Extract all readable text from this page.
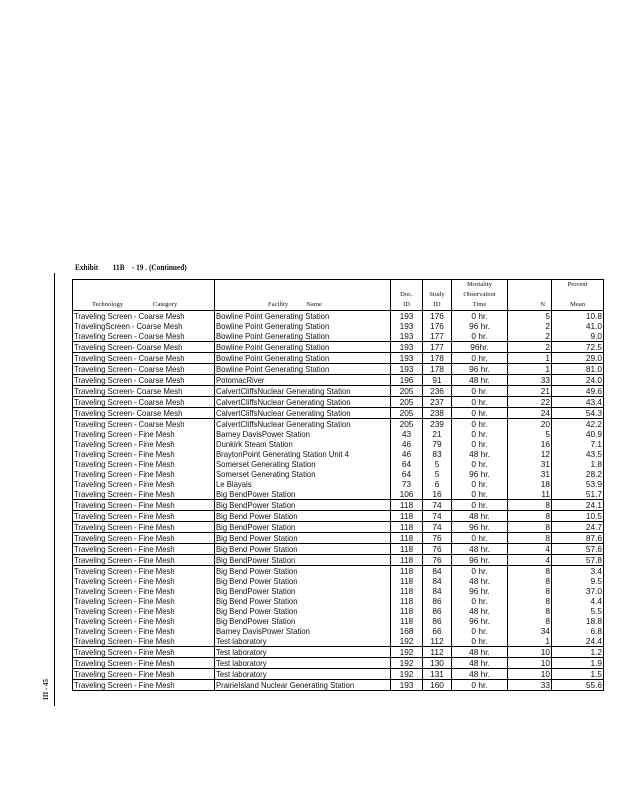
Exhibit 11B - 19 . (Continued)
III - 45
				Mortality		Percent
		Doc.	Study	Observation		
Technology Category	Facility Name	ID	ID	Time	N	Mean
Traveling Screen - Coarse Mesh	Bowline Point Generating Station	193	176	0 hr.	5	10.8
TravelingScreen - Coarse Mesh	Bowline Point Generating Station	193	176	96 hr.	2	41.0
Traveling Screen - Coarse Mesh	Bowline Point Generating Station	193	177	0 hr.	2	9.0
Traveling Screen- Coarse Mesh	Bowline Point Generating Station	193	177	96hr.	2	72.5
Traveling Screen - Coarse Mesh	Bowline Point Generating Station	193	178	0 hr.	1	29.0
Traveling Screen - Coarse Mesh	Bowline Point Generating Station	193	178	96 hr.	1	81.0
Traveling Screen - Coarse Mesh	PotomacRiver	196	91	48 hr.	33	24.0
Traveling Screen- Coarse Mesh	CalvertCliffsNuclear Generating Station	205	236	0 hr.	21	49.6
Traveling Screen - Coarse Mesh	CalvertCliffsNuclear Generating Station	205	237	0 hr.	22	43.4
Traveling Screen- Coarse Mesh	CalvertCliffsNuclear Generating Station	205	238	0 hr.	24	54.3
Traveling Screen - Coarse Mesh	CalvertCliffsNuclear Generating Station	205	239	0 hr.	20	42.2
Traveling Screen - Fine Mesh	Barney DavisPower Station	43	21	0 hr.	5	40.9
Traveling Screen - Fine Mesh	Dunkirk Steam Station	46	79	0 hr.	16	7.1
Traveling Screen - Fine Mesh	BraytonPoint Generating Station Unit 4	46	83	48 hr.	12	43.5
Traveling Screen - Fine Mesh	Somerset Generating Station	64	5	0 hr.	31	1.8
Traveling Screen - Fine Mesh	Somerset Generating Station	64	5	96 hr.	31	28.2
Traveling Screen - Fine Mesh	Le Blayais	73	6	0 hr.	18	53.9
Traveling Screen - Fine Mesh	Big BendPower Station	106	16	0 hr.	11	51.7
Traveling Screen - Fine Mesh	Big BendPower Station	118	74	0 hr.	8	24.1
Traveling Screen - Fine Mesh	Big Bend Power Station	118	74	48 hr.	8	10.5
Traveling Screen - Fine Mesh	Big BendPower Station	118	74	96 hr.	8	24.7
Traveling Screen - Fine Mesh	Big Bend Power Station	118	76	0 hr.	8	87.6
Traveling Screen - Fine Mesh	Big Bend Power Station	118	76	48 hr.	4	57.6
Traveling Screen - Fine Mesh	Big BendPower Station	118	76	96 hr.	4	57.8
Traveling Screen - Fine Mesh	Big Bend Power Station	118	84	0 hr.	8	3.4
Traveling Screen - Fine Mesh	Big Bend Power Station	118	84	48 hr.	8	9.5
Traveling Screen - Fine Mesh	Big BendPower Station	118	84	96 hr.	8	37.0
Traveling Screen - Fine Mesh	Big Bend Power Station	118	86	0 hr.	8	4.4
Traveling Screen - Fine Mesh	Big Bend Power Station	118	86	48 hr.	8	5.5
Traveling Screen - Fine Mesh	Big BendPower Station	118	86	96 hr.	8	18.8
Traveling Screen - Fine Mesh	Barney DavisPower Station	168	66	0 hr.	34	6.8
Traveling Screen - Fine Mesh	Test laboratory	192	112	0 hr.	1	24.4
Traveling Screen - Fine Mesh	Test laboratory	192	112	48 hr.	10	1.2
Traveling Screen - Fine Mesh	Test laboratory	192	130	48 hr.	10	1.9
Traveling Screen - Fine Mesh	Test laboratory	192	131	48 hr.	10	1.5
Traveling Screen - Fine Mesh	PrairieIsland Nuclear Generating Station	193	160	0 hr.	33	55.6
